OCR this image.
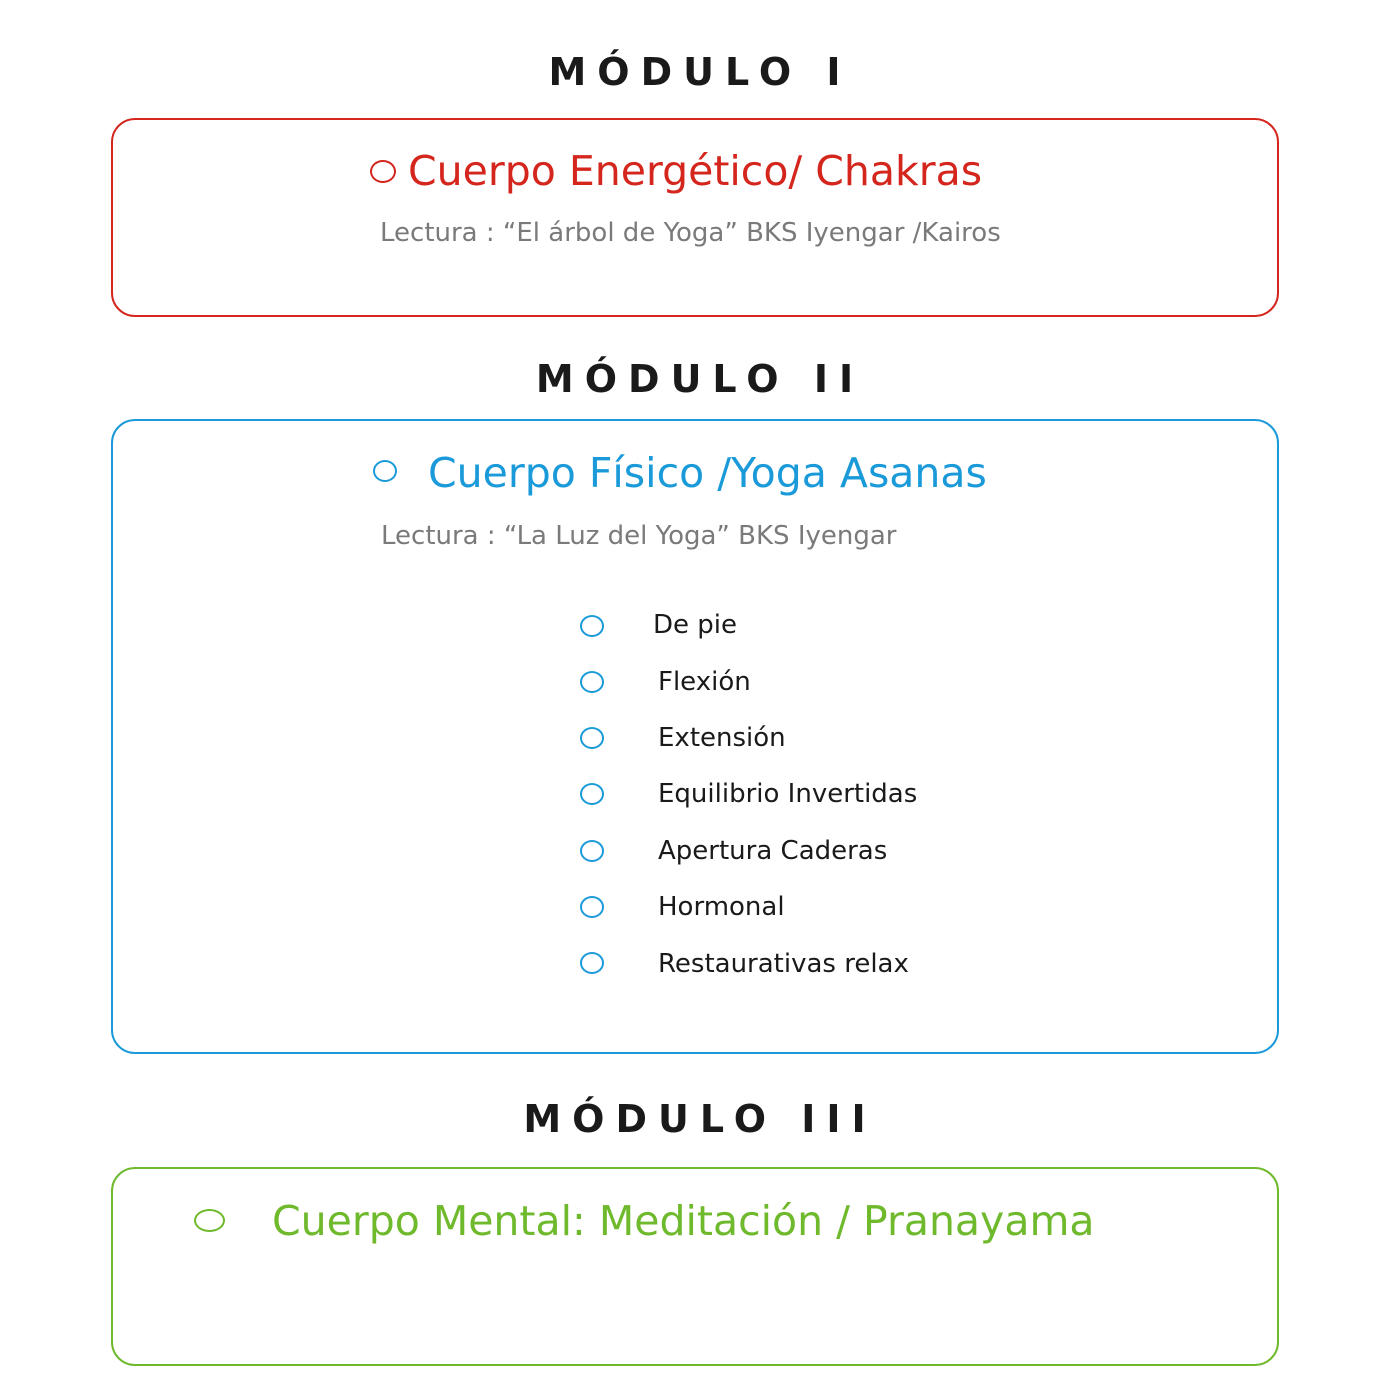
MÓDULO I
Cuerpo Energético/ Chakras
Lectura : “El árbol de Yoga” BKS Iyengar /Kairos
MÓDULO II
Cuerpo Físico /Yoga Asanas
Lectura : “La Luz del Yoga” BKS Iyengar
De pie
Flexión
Extensión
Equilibrio Invertidas
Apertura Caderas
Hormonal
Restaurativas relax
MÓDULO III
Cuerpo Mental: Meditación / Pranayama
